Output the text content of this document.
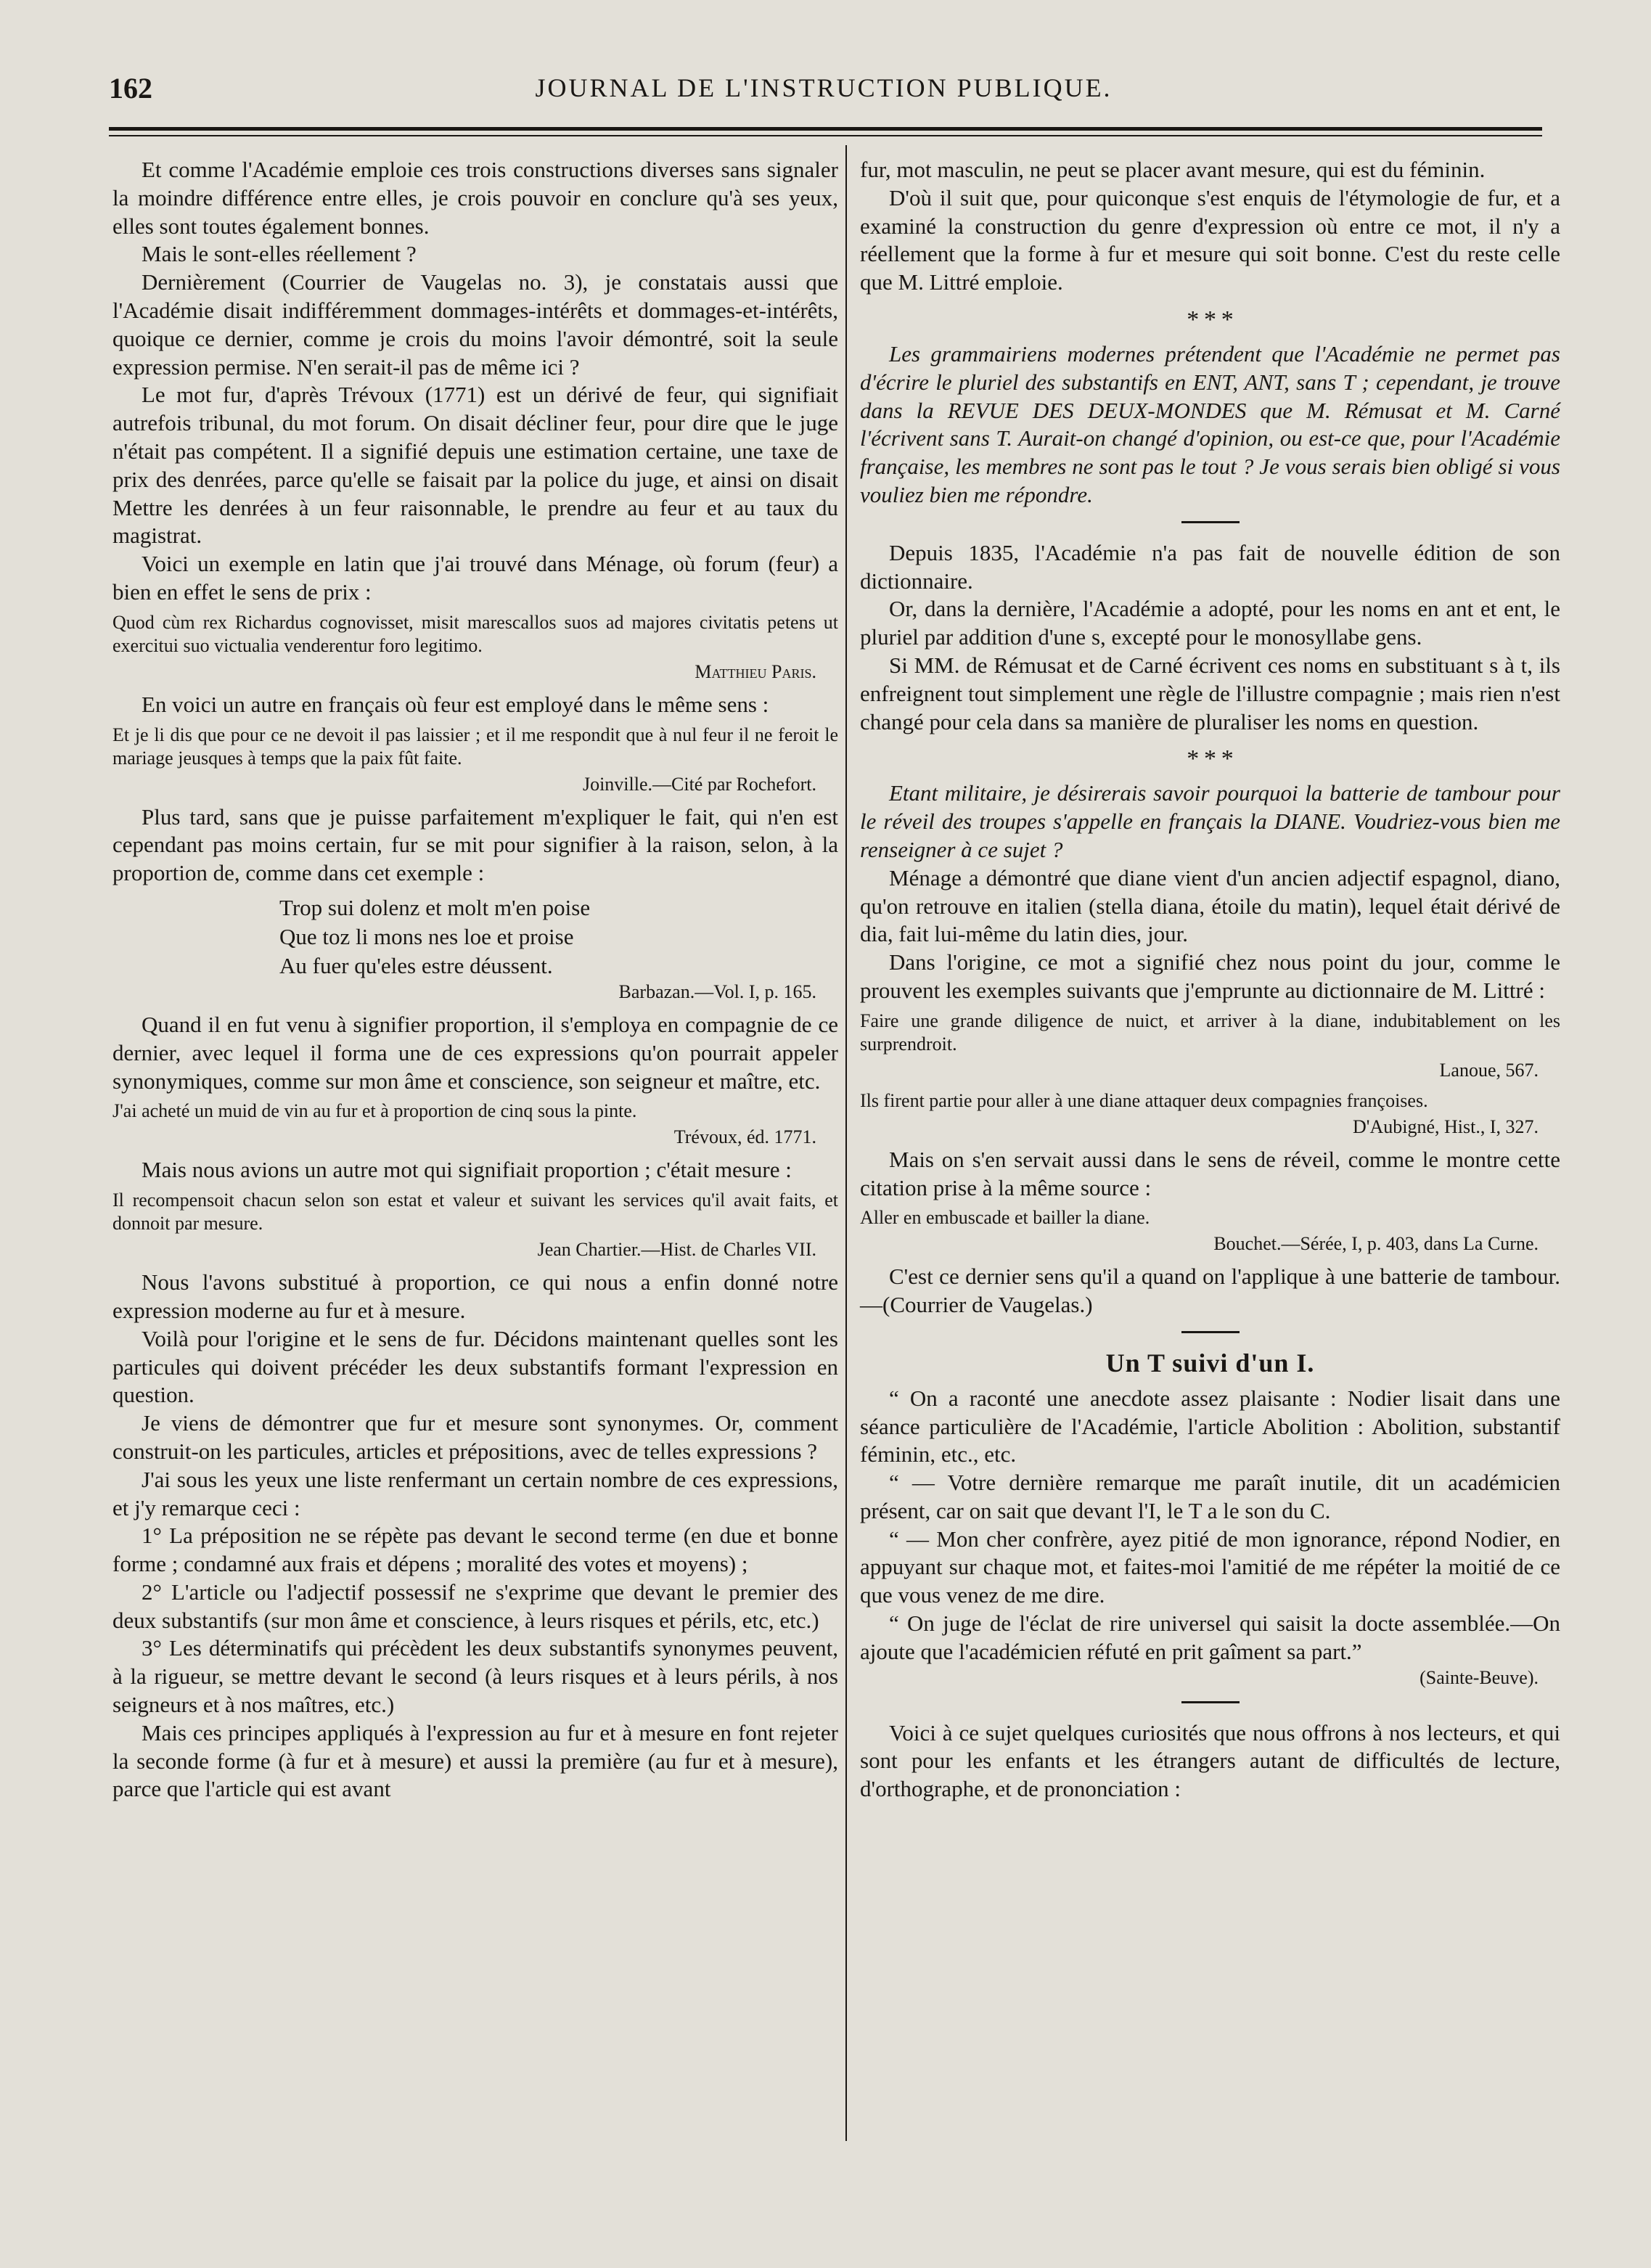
162	JOURNAL DE L'INSTRUCTION PUBLIQUE.

Et comme l'Académie emploie ces trois constructions diverses sans signaler la moindre différence entre elles, je crois pouvoir en conclure qu'à ses yeux, elles sont toutes également bonnes.

Mais le sont-elles réellement ?

Dernièrement (Courrier de Vaugelas no. 3), je constatais aussi que l'Académie disait indifféremment dommages-intérêts et dommages-et-intérêts, quoique ce dernier, comme je crois du moins l'avoir démontré, soit la seule expression permise. N'en serait-il pas de même ici ?

Le mot fur, d'après Trévoux (1771) est un dérivé de feur, qui signifiait autrefois tribunal, du mot forum. On disait décliner feur, pour dire que le juge n'était pas compétent. Il a signifié depuis une estimation certaine, une taxe de prix des denrées, parce qu'elle se faisait par la police du juge, et ainsi on disait Mettre les denrées à un feur raisonnable, le prendre au feur et au taux du magistrat.

Voici un exemple en latin que j'ai trouvé dans Ménage, où forum (feur) a bien en effet le sens de prix :

Quod cùm rex Richardus cognovisset, misit marescallos suos ad majores civitatis petens ut exercitui suo victualia venderentur foro legitimo.
Matthieu Paris.

En voici un autre en français où feur est employé dans le même sens :

Et je li dis que pour ce ne devoit il pas laissier ; et il me respondit que à nul feur il ne feroit le mariage jeusques à temps que la paix fût faite.
Joinville.—Cité par Rochefort.

Plus tard, sans que je puisse parfaitement m'expliquer le fait, qui n'en est cependant pas moins certain, fur se mit pour signifier à la raison, selon, à la proportion de, comme dans cet exemple :

Trop sui dolenz et molt m'en poise
Que toz li mons nes loe et proise
Au fuer qu'eles estre déussent.
Barbazan.—Vol. I, p. 165.

Quand il en fut venu à signifier proportion, il s'employa en compagnie de ce dernier, avec lequel il forma une de ces expressions qu'on pourrait appeler synonymiques, comme sur mon âme et conscience, son seigneur et maître, etc.

J'ai acheté un muid de vin au fur et à proportion de cinq sous la pinte.
Trévoux, éd. 1771.

Mais nous avions un autre mot qui signifiait proportion ; c'était mesure :

Il recompensoit chacun selon son estat et valeur et suivant les services qu'il avait faits, et donnoit par mesure.
Jean Chartier.—Hist. de Charles VII.

Nous l'avons substitué à proportion, ce qui nous a enfin donné notre expression moderne au fur et à mesure.

Voilà pour l'origine et le sens de fur. Décidons maintenant quelles sont les particules qui doivent précéder les deux substantifs formant l'expression en question.

Je viens de démontrer que fur et mesure sont synonymes. Or, comment construit-on les particules, articles et prépositions, avec de telles expressions ?

J'ai sous les yeux une liste renfermant un certain nombre de ces expressions, et j'y remarque ceci :

1° La préposition ne se répète pas devant le second terme (en due et bonne forme ; condamné aux frais et dépens ; moralité des votes et moyens) ;

2° L'article ou l'adjectif possessif ne s'exprime que devant le premier des deux substantifs (sur mon âme et conscience, à leurs risques et périls, etc, etc.)

3° Les déterminatifs qui précèdent les deux substantifs synonymes peuvent, à la rigueur, se mettre devant le second (à leurs risques et à leurs périls, à nos seigneurs et à nos maîtres, etc.)

Mais ces principes appliqués à l'expression au fur et à mesure en font rejeter la seconde forme (à fur et à mesure) et aussi la première (au fur et à mesure), parce que l'article qui est avant

fur, mot masculin, ne peut se placer avant mesure, qui est du féminin.

D'où il suit que, pour quiconque s'est enquis de l'étymologie de fur, et a examiné la construction du genre d'expression où entre ce mot, il n'y a réellement que la forme à fur et mesure qui soit bonne. C'est du reste celle que M. Littré emploie.

* * *

Les grammairiens modernes prétendent que l'Académie ne permet pas d'écrire le pluriel des substantifs en ENT, ANT, sans T ; cependant, je trouve dans la REVUE DES DEUX-MONDES que M. Rémusat et M. Carné l'écrivent sans T. Aurait-on changé d'opinion, ou est-ce que, pour l'Académie française, les membres ne sont pas le tout ? Je vous serais bien obligé si vous vouliez bien me répondre.

Depuis 1835, l'Académie n'a pas fait de nouvelle édition de son dictionnaire.

Or, dans la dernière, l'Académie a adopté, pour les noms en ant et ent, le pluriel par addition d'une s, excepté pour le monosyllabe gens.

Si MM. de Rémusat et de Carné écrivent ces noms en substituant s à t, ils enfreignent tout simplement une règle de l'illustre compagnie ; mais rien n'est changé pour cela dans sa manière de pluraliser les noms en question.

* * *

Etant militaire, je désirerais savoir pourquoi la batterie de tambour pour le réveil des troupes s'appelle en français la DIANE. Voudriez-vous bien me renseigner à ce sujet ?

Ménage a démontré que diane vient d'un ancien adjectif espagnol, diano, qu'on retrouve en italien (stella diana, étoile du matin), lequel était dérivé de dia, fait lui-même du latin dies, jour.

Dans l'origine, ce mot a signifié chez nous point du jour, comme le prouvent les exemples suivants que j'emprunte au dictionnaire de M. Littré :

Faire une grande diligence de nuict, et arriver à la diane, indubitablement on les surprendroit.
Lanoue, 567.
Ils firent partie pour aller à une diane attaquer deux compagnies françoises.
D'Aubigné, Hist., I, 327.

Mais on s'en servait aussi dans le sens de réveil, comme le montre cette citation prise à la même source :

Aller en embuscade et bailler la diane.
Bouchet.—Sérée, I, p. 403, dans La Curne.

C'est ce dernier sens qu'il a quand on l'applique à une batterie de tambour.—(Courrier de Vaugelas.)

Un T suivi d'un I.

“ On a raconté une anecdote assez plaisante : Nodier lisait dans une séance particulière de l'Académie, l'article Abolition : Abolition, substantif féminin, etc., etc.

“ — Votre dernière remarque me paraît inutile, dit un académicien présent, car on sait que devant l'I, le T a le son du C.

“ — Mon cher confrère, ayez pitié de mon ignorance, répond Nodier, en appuyant sur chaque mot, et faites-moi l'amitié de me répéter la moitié de ce que vous venez de me dire.

“ On juge de l'éclat de rire universel qui saisit la docte assemblée.—On ajoute que l'académicien réfuté en prit gaîment sa part.”

(Sainte-Beuve).

Voici à ce sujet quelques curiosités que nous offrons à nos lecteurs, et qui sont pour les enfants et les étrangers autant de difficultés de lecture, d'orthographe, et de prononciation :
